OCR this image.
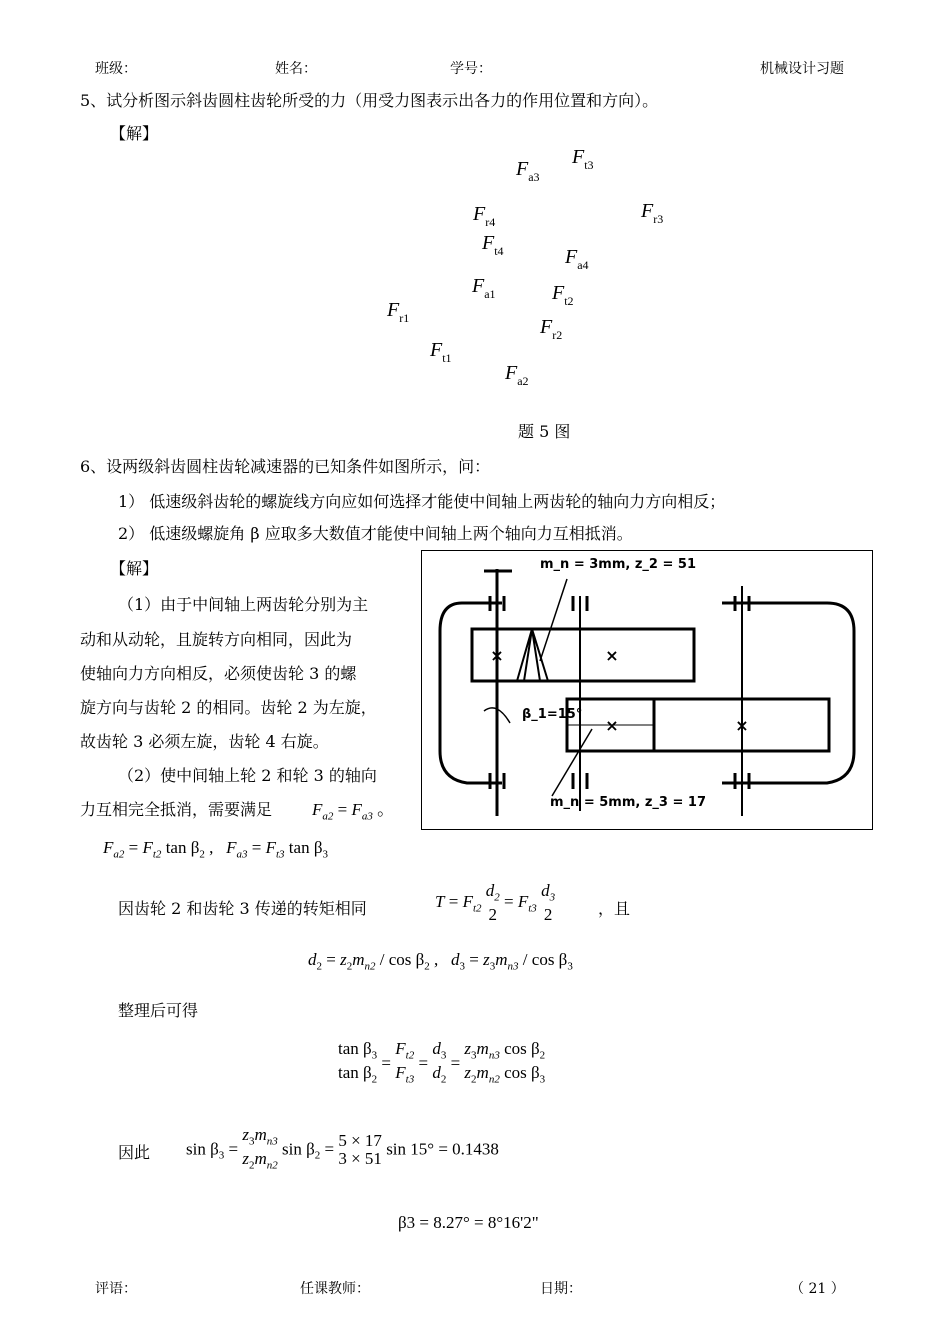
班级：	姓名：	学号：	机械设计习题
5、试分析图示斜齿圆柱齿轮所受的力（用受力图表示出各力的作用位置和方向）。
【解】
$F_{a3}$
$F_{t3}$
$F_{r4}$	$F_{r3}$
$F_{t4}$	$F_{a4}$
$F_{a1}$	$F_{t2}$
$F_{r1}$	$F_{r2}$
$F_{t1}$
$F_{a2}$
题 5 图
6、设两级斜齿圆柱齿轮减速器的已知条件如图所示，问：
1） 低速级斜齿轮的螺旋线方向应如何选择才能使中间轴上两齿轮的轴向力方向相反；
2） 低速级螺旋角 β 应取多大数值才能使中间轴上两个轴向力互相抵消。
【解】
（1）由于中间轴上两齿轮分别为主
动和从动轮，且旋转方向相同，因此为
使轴向力方向相反，必须使齿轮 3 的螺
旋方向与齿轮 2 的相同。齿轮 2 为左旋，
故齿轮 3 必须左旋，齿轮 4 右旋。
（2）使中间轴上轮 2 和轮 3 的轴向
力互相完全抵消，需要满足 $F_{a2} = F_{a3}$ 。
×	×
×	×
m_n = 3mm, z_2 = 51
m_n = 5mm, z_3 = 17
β_1=15°
$F_{a2} = F_{t2}$ $\tan \beta_2$ ,   $F_{a3} = F_{t3}$ $\tan \beta_3$
因齿轮 2 和齿轮 3 传递的转矩相同	$T = F_{t2}$
$d_2$
2
= $F_{t3}$
$d_3$
2	，且
$d_2 = z_2m_{n2} / \cos \beta_2$ ,   $d_3 = z_3m_{n3} / \cos \beta_3$
整理后可得
$\tan \beta_3$
$\tan \beta_2$
=
$F_{t2}$
$F_{t3}$
=
$d_3$
$d_2$
=
$z_3m_{n3}$ $\cos \beta_2$
$z_2m_{n2}$ $\cos \beta_3$
因此 $\sin \beta_3$ =
$z_3m_{n3}$
$z_2m_{n2}$
$\sin \beta_2 = 5 \times 17$
3 × 51
sin 15° = 0.1438
β3 = 8.27° = 8°16'2"
评语：	任课教师：	日期：	（ 21 ）
